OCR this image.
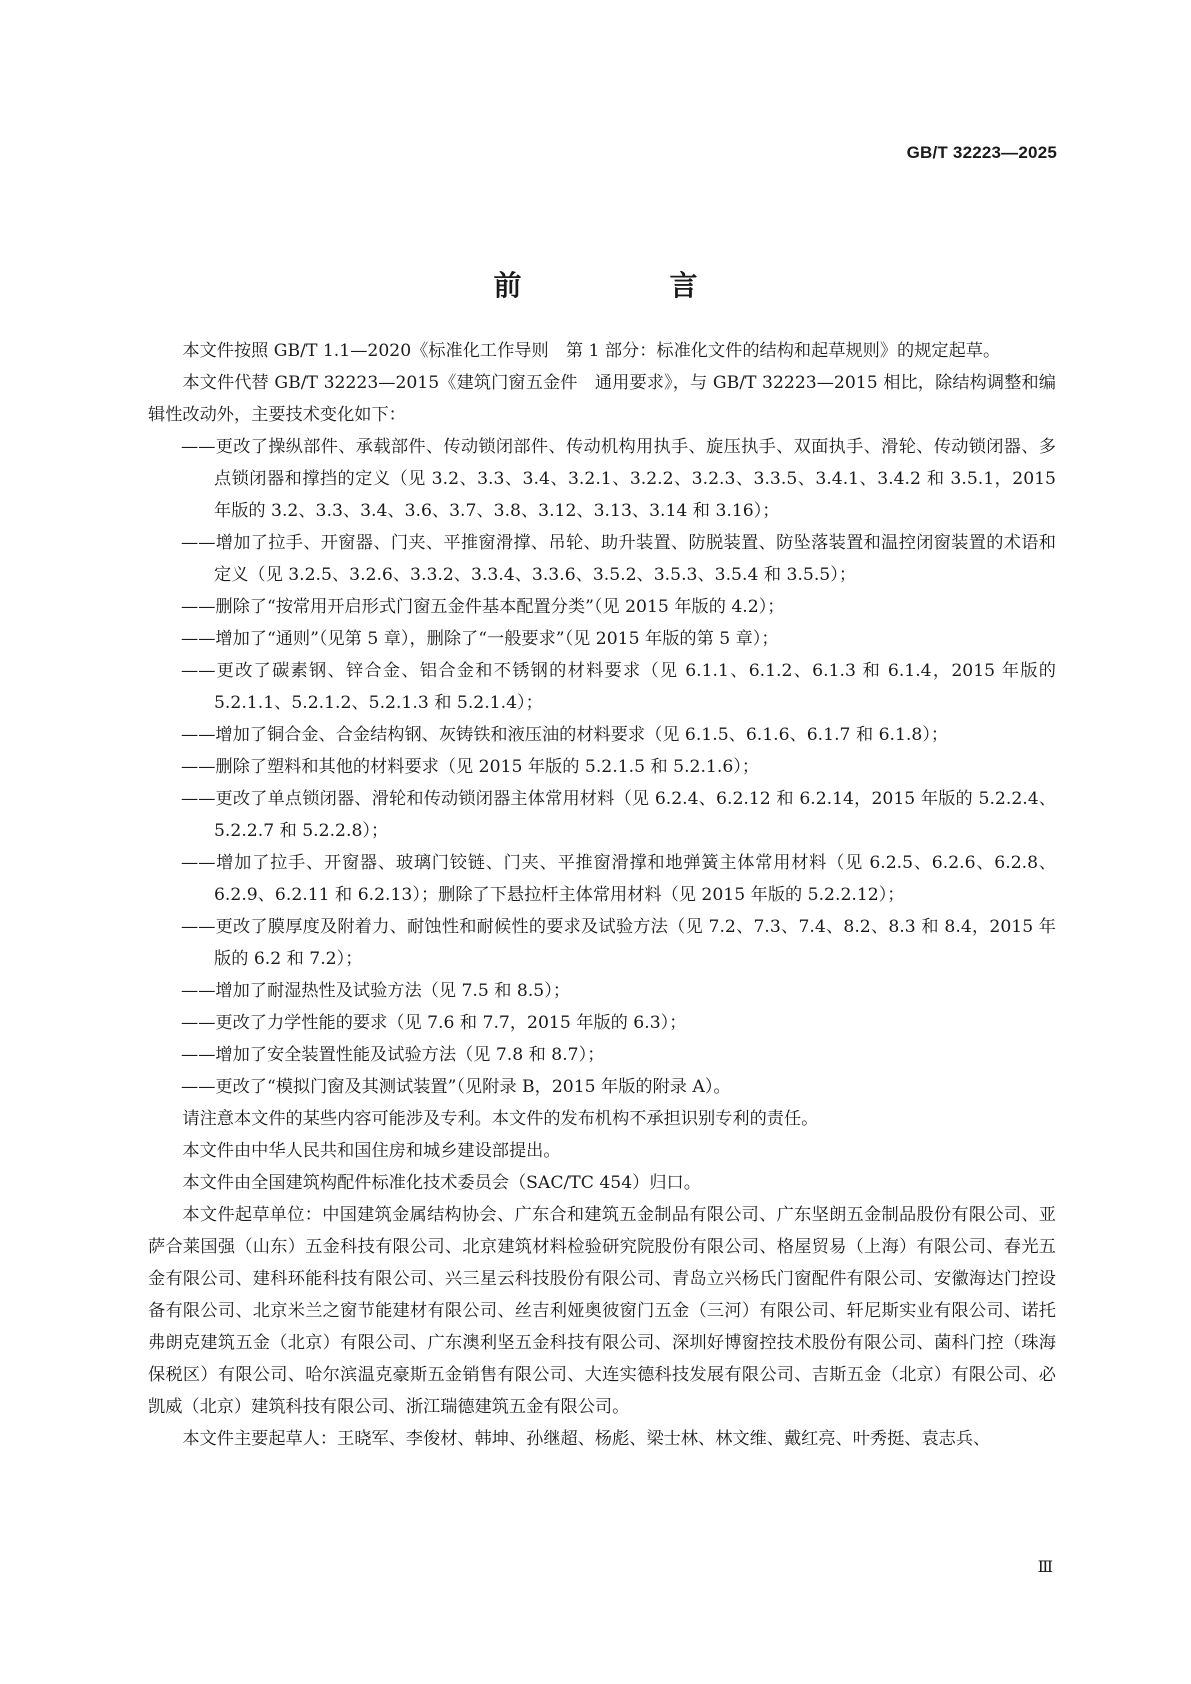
GB/T 32223—2025
前　言

本文件按照 GB/T 1.1—2020《标准化工作导则　第 1 部分：标准化文件的结构和起草规则》的规定起草。

本文件代替 GB/T 32223—2015《建筑门窗五金件　通用要求》，与 GB/T 32223—2015 相比，除结构调整和编辑性改动外，主要技术变化如下：

——更改了操纵部件、承载部件、传动锁闭部件、传动机构用执手、旋压执手、双面执手、滑轮、传动锁闭器、多点锁闭器和撑挡的定义（见 3.2、3.3、3.4、3.2.1、3.2.2、3.2.3、3.3.5、3.4.1、3.4.2 和 3.5.1，2015 年版的 3.2、3.3、3.4、3.6、3.7、3.8、3.12、3.13、3.14 和 3.16）；

——增加了拉手、开窗器、门夹、平推窗滑撑、吊轮、助升装置、防脱装置、防坠落装置和温控闭窗装置的术语和定义（见 3.2.5、3.2.6、3.3.2、3.3.4、3.3.6、3.5.2、3.5.3、3.5.4 和 3.5.5）；

——删除了“按常用开启形式门窗五金件基本配置分类”（见 2015 年版的 4.2）；

——增加了“通则”（见第 5 章），删除了“一般要求”（见 2015 年版的第 5 章）；

——更改了碳素钢、锌合金、铝合金和不锈钢的材料要求（见 6.1.1、6.1.2、6.1.3 和 6.1.4，2015 年版的 5.2.1.1、5.2.1.2、5.2.1.3 和 5.2.1.4）；

——增加了铜合金、合金结构钢、灰铸铁和液压油的材料要求（见 6.1.5、6.1.6、6.1.7 和 6.1.8）；

——删除了塑料和其他的材料要求（见 2015 年版的 5.2.1.5 和 5.2.1.6）；

——更改了单点锁闭器、滑轮和传动锁闭器主体常用材料（见 6.2.4、6.2.12 和 6.2.14，2015 年版的 5.2.2.4、5.2.2.7 和 5.2.2.8）；

——增加了拉手、开窗器、玻璃门铰链、门夹、平推窗滑撑和地弹簧主体常用材料（见 6.2.5、6.2.6、6.2.8、6.2.9、6.2.11 和 6.2.13）；删除了下悬拉杆主体常用材料（见 2015 年版的 5.2.2.12）；

——更改了膜厚度及附着力、耐蚀性和耐候性的要求及试验方法（见 7.2、7.3、7.4、8.2、8.3 和 8.4，2015 年版的 6.2 和 7.2）；

——增加了耐湿热性及试验方法（见 7.5 和 8.5）；

——更改了力学性能的要求（见 7.6 和 7.7，2015 年版的 6.3）；

——增加了安全装置性能及试验方法（见 7.8 和 8.7）；

——更改了“模拟门窗及其测试装置”（见附录 B，2015 年版的附录 A）。

请注意本文件的某些内容可能涉及专利。本文件的发布机构不承担识别专利的责任。

本文件由中华人民共和国住房和城乡建设部提出。

本文件由全国建筑构配件标准化技术委员会（SAC/TC 454）归口。

本文件起草单位：中国建筑金属结构协会、广东合和建筑五金制品有限公司、广东坚朗五金制品股份有限公司、亚萨合莱国强（山东）五金科技有限公司、北京建筑材料检验研究院股份有限公司、格屋贸易（上海）有限公司、春光五金有限公司、建科环能科技有限公司、兴三星云科技股份有限公司、青岛立兴杨氏门窗配件有限公司、安徽海达门控设备有限公司、北京米兰之窗节能建材有限公司、丝吉利娅奥彼窗门五金（三河）有限公司、轩尼斯实业有限公司、诺托弗朗克建筑五金（北京）有限公司、广东澳利坚五金科技有限公司、深圳好博窗控技术股份有限公司、菌科门控（珠海保税区）有限公司、哈尔滨温克豪斯五金销售有限公司、大连实德科技发展有限公司、吉斯五金（北京）有限公司、必凯威（北京）建筑科技有限公司、浙江瑞德建筑五金有限公司。

本文件主要起草人：王晓军、李俊材、韩坤、孙继超、杨彪、梁士林、林文维、戴红亮、叶秀挺、袁志兵、

Ⅲ
